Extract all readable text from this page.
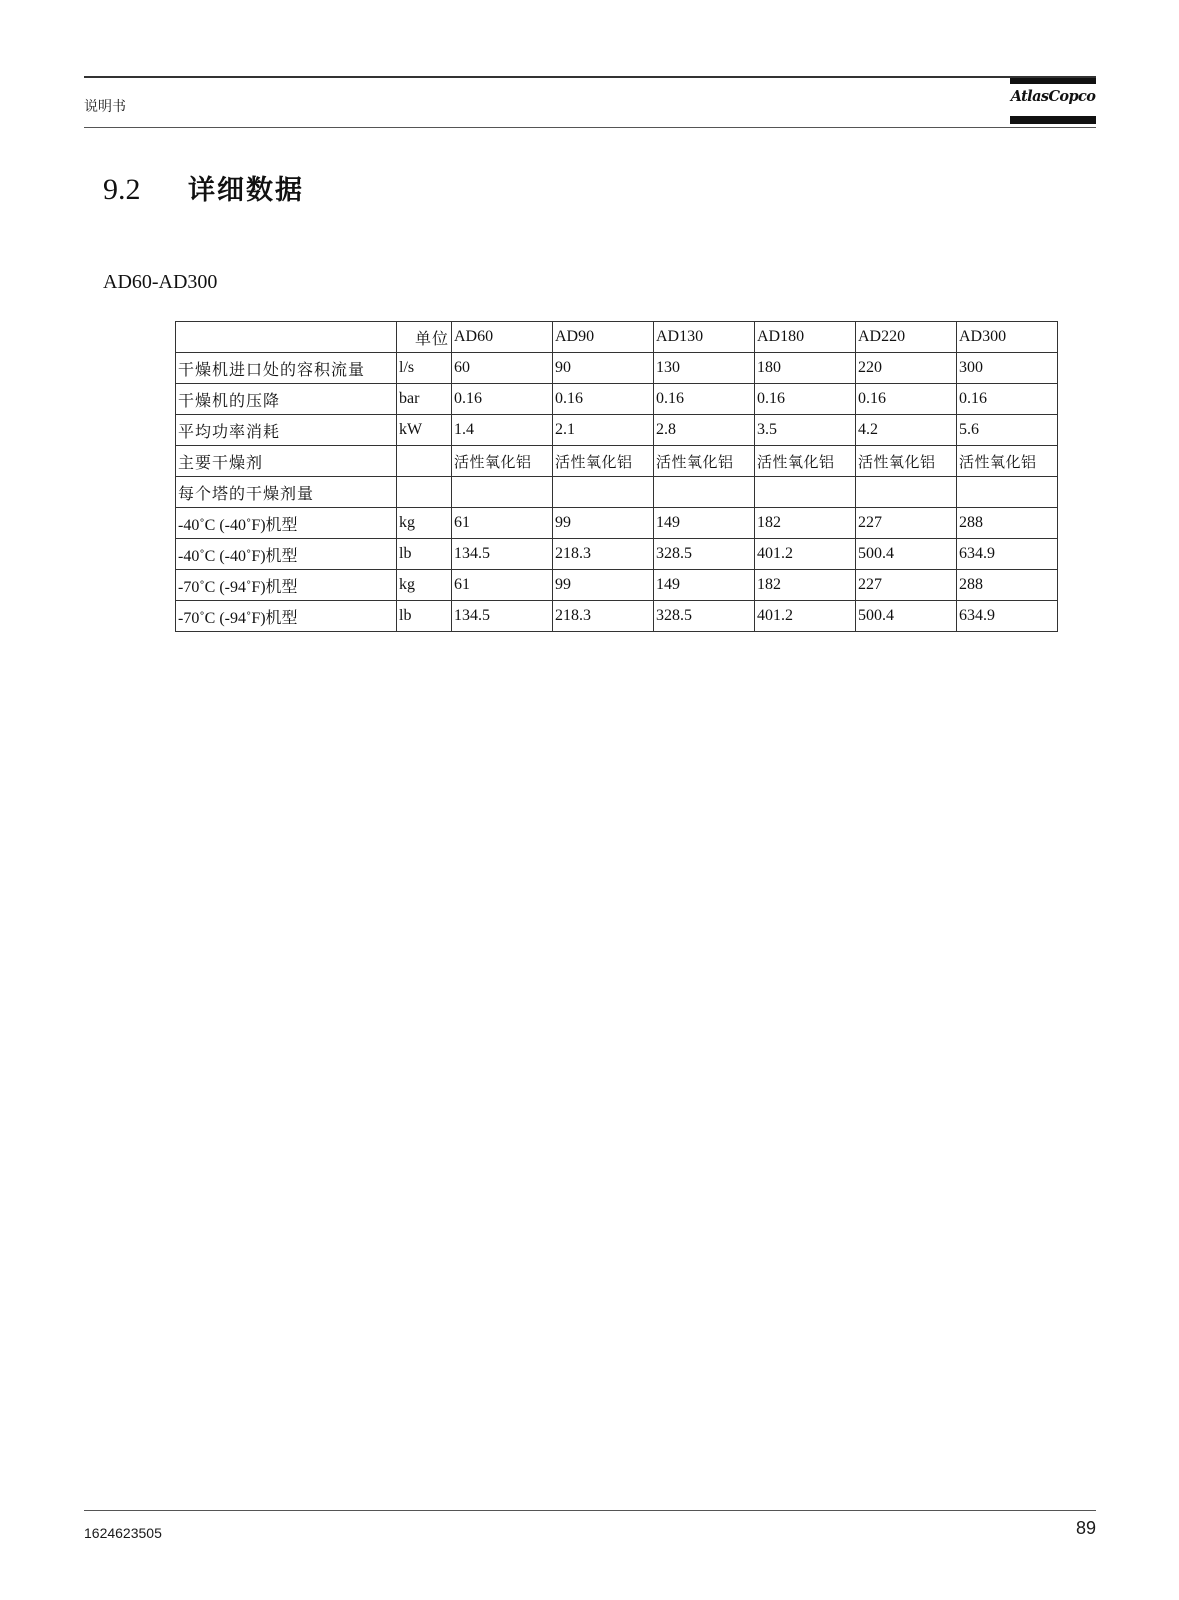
说明书
AtlasCopco
9.2 详细数据
AD60-AD300
	单位	AD60	AD90	AD130	AD180	AD220	AD300
干燥机进口处的容积流量	l/s	60	90	130	180	220	300
干燥机的压降	bar	0.16	0.16	0.16	0.16	0.16	0.16
平均功率消耗	kW	1.4	2.1	2.8	3.5	4.2	5.6
主要干燥剂		活性氧化铝	活性氧化铝	活性氧化铝	活性氧化铝	活性氧化铝	活性氧化铝
每个塔的干燥剂量							
-40˚C (-40˚F)机型	kg	61	99	149	182	227	288
-40˚C (-40˚F)机型	lb	134.5	218.3	328.5	401.2	500.4	634.9
-70˚C (-94˚F)机型	kg	61	99	149	182	227	288
-70˚C (-94˚F)机型	lb	134.5	218.3	328.5	401.2	500.4	634.9
1624623505	89
